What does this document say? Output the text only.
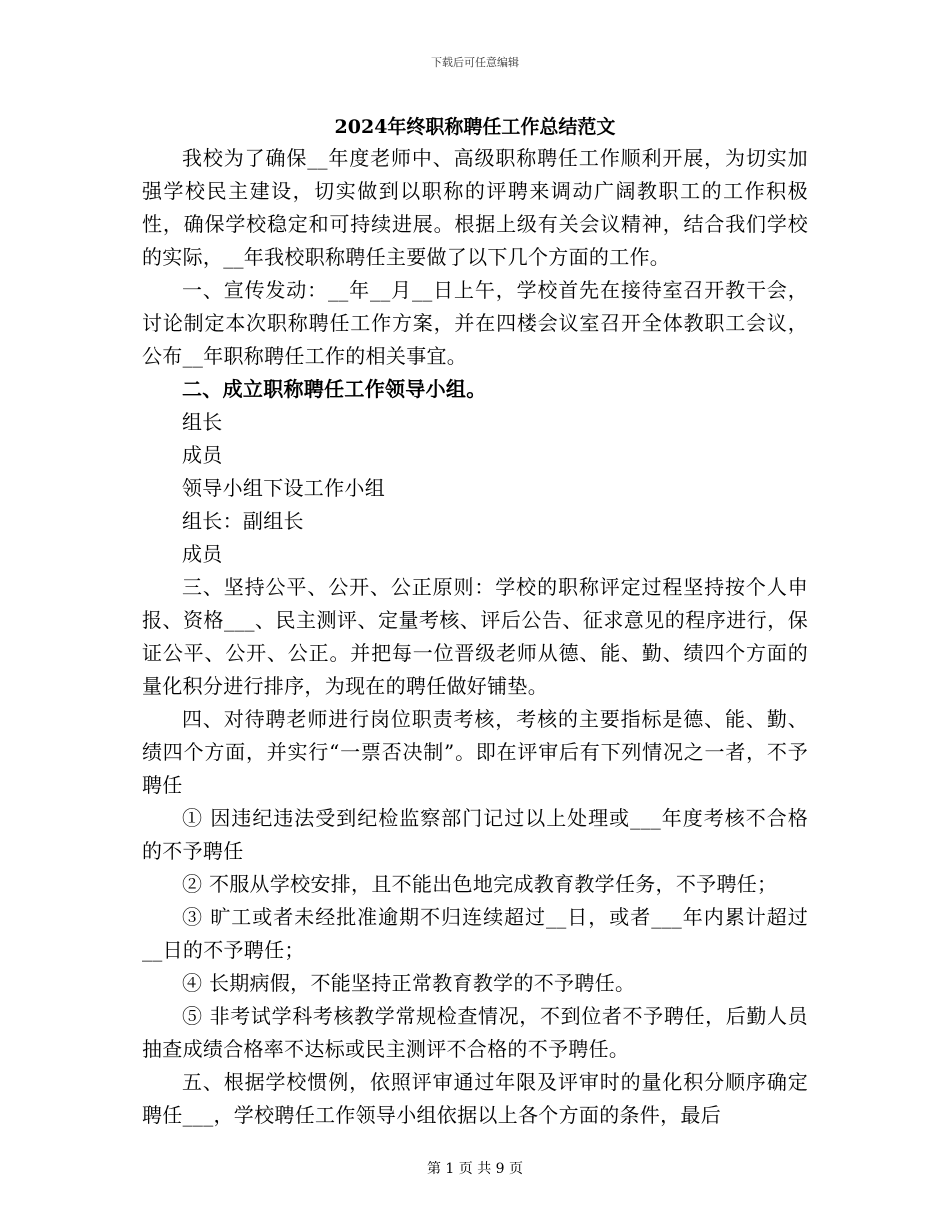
下载后可任意编辑
2024年终职称聘任工作总结范文

我校为了确保__年度老师中、高级职称聘任工作顺利开展，为切实加强学校民主建设，切实做到以职称的评聘来调动广阔教职工的工作积极性，确保学校稳定和可持续进展。根据上级有关会议精神，结合我们学校的实际，__年我校职称聘任主要做了以下几个方面的工作。

一、宣传发动：__年__月__日上午，学校首先在接待室召开教干会，讨论制定本次职称聘任工作方案，并在四楼会议室召开全体教职工会议，公布__年职称聘任工作的相关事宜。

二、成立职称聘任工作领导小组。

组长

成员

领导小组下设工作小组

组长：副组长

成员

三、坚持公平、公开、公正原则：学校的职称评定过程坚持按个人申报、资格___、民主测评、定量考核、评后公告、征求意见的程序进行，保证公平、公开、公正。并把每一位晋级老师从德、能、勤、绩四个方面的量化积分进行排序，为现在的聘任做好铺垫。

四、对待聘老师进行岗位职责考核，考核的主要指标是德、能、勤、绩四个方面，并实行“一票否决制”。即在评审后有下列情况之一者，不予聘任

① 因违纪违法受到纪检监察部门记过以上处理或___年度考核不合格的不予聘任

② 不服从学校安排，且不能出色地完成教育教学任务，不予聘任；

③ 旷工或者未经批准逾期不归连续超过__日，或者___年内累计超过__日的不予聘任；

④ 长期病假，不能坚持正常教育教学的不予聘任。

⑤ 非考试学科考核教学常规检查情况，不到位者不予聘任，后勤人员抽查成绩合格率不达标或民主测评不合格的不予聘任。

五、根据学校惯例，依照评审通过年限及评审时的量化积分顺序确定聘任___，学校聘任工作领导小组依据以上各个方面的条件，最后

第 1 页 共 9 页
